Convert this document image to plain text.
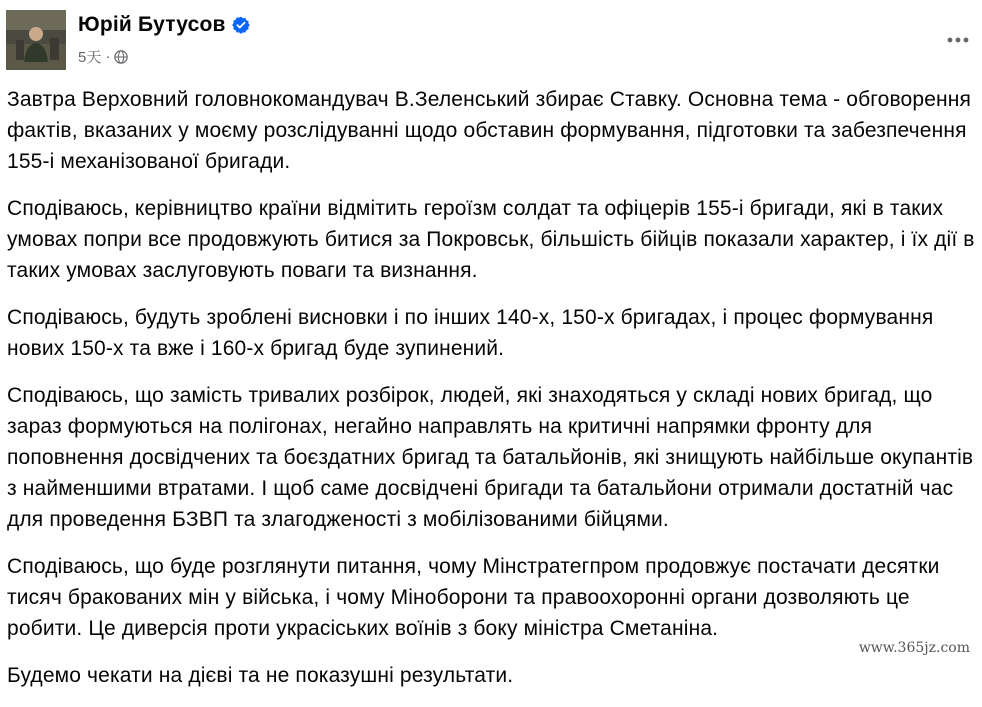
Юрій Бутусов
5天 ·

Завтра Верховний головнокомандувач В.Зеленський збирає Ставку. Основна тема - обговорення фактів, вказаних у моєму розслідуванні щодо обставин формування, підготовки та забезпечення 155-і механізованої бригади.

Сподіваюсь, керівництво країни відмітить героїзм солдат та офіцерів 155-і бригади, які в таких умовах попри все продовжують битися за Покровськ, більшість бійців показали характер, і їх дії в таких умовах заслуговують поваги та визнання.

Сподіваюсь, будуть зроблені висновки і по інших 140-х, 150-х бригадах, і процес формування нових 150-х та вже і 160-х бригад буде зупинений.

Сподіваюсь, що замість тривалих розбірок, людей, які знаходяться у складі нових бригад, що зараз формуються на полігонах, негайно направлять на критичні напрямки фронту для поповнення досвідчених та боєздатних бригад та батальйонів, які знищують найбільше окупантів з найменшими втратами. І щоб саме досвідчені бригади та батальйони отримали достатній час для проведення БЗВП та злагодженості з мобілізованими бійцями.

Сподіваюсь, що буде розглянути питання, чому Мінстратегпром продовжує постачати десятки тисяч бракованих мін у війська, і чому Міноборони та правоохоронні органи дозволяють це робити. Це диверсія проти украсіських воїнів з боку міністра Сметаніна.

Будемо чекати на дієві та не показушні результати.

www.365jz.com
